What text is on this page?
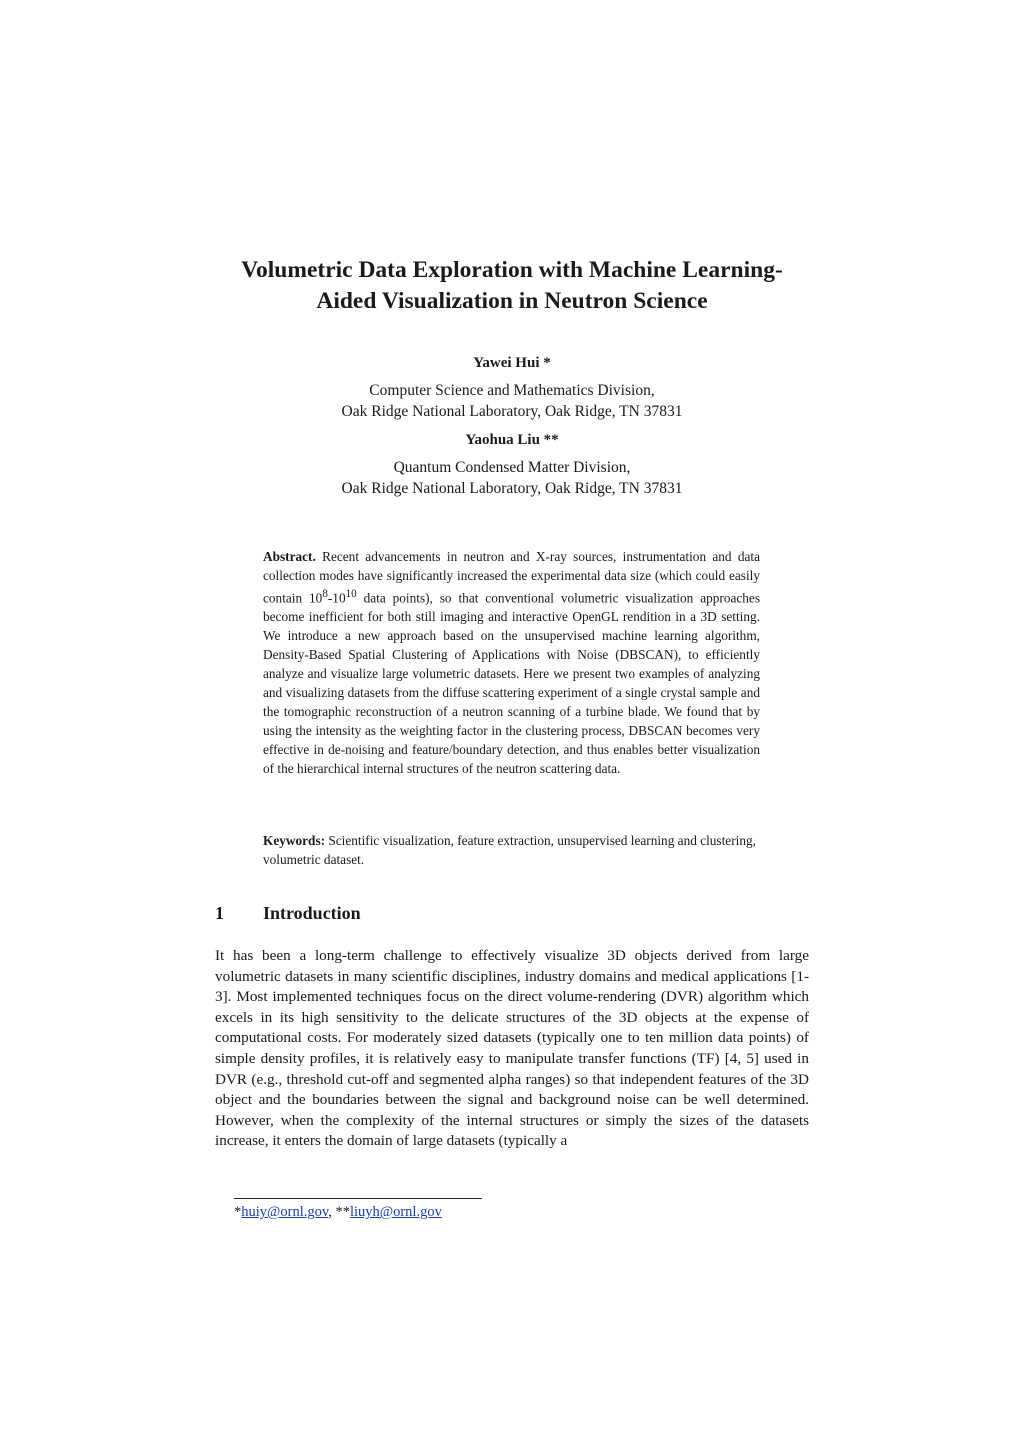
Volumetric Data Exploration with Machine Learning-
Aided Visualization in Neutron Science
Yawei Hui *
Computer Science and Mathematics Division,
Oak Ridge National Laboratory, Oak Ridge, TN 37831
Yaohua Liu **
Quantum Condensed Matter Division,
Oak Ridge National Laboratory, Oak Ridge, TN 37831
Abstract. Recent advancements in neutron and X-ray sources, instrumentation and data collection modes have significantly increased the experimental data size (which could easily contain $10^8-10^{10}$ data points), so that conventional volumetric visualization approaches become inefficient for both still imaging and interactive OpenGL rendition in a 3D setting. We introduce a new approach based on the unsupervised machine learning algorithm, Density-Based Spatial Clustering of Applications with Noise (DBSCAN), to efficiently analyze and visualize large volumetric datasets. Here we present two examples of analyzing and visualizing datasets from the diffuse scattering experiment of a single crystal sample and the tomographic reconstruction of a neutron scanning of a turbine blade. We found that by using the intensity as the weighting factor in the clustering process, DBSCAN becomes very effective in de-noising and feature/boundary detection, and thus enables better visualization of the hierarchical internal structures of the neutron scattering data.
Keywords: Scientific visualization, feature extraction, unsupervised learning and clustering, volumetric dataset.
1 Introduction
It has been a long-term challenge to effectively visualize 3D objects derived from large volumetric datasets in many scientific disciplines, industry domains and medical applications [1-3]. Most implemented techniques focus on the direct volume-rendering (DVR) algorithm which excels in its high sensitivity to the delicate structures of the 3D objects at the expense of computational costs. For moderately sized datasets (typically one to ten million data points) of simple density profiles, it is relatively easy to manipulate transfer functions (TF) [4, 5] used in DVR (e.g., threshold cut-off and segmented alpha ranges) so that independent features of the 3D object and the boundaries between the signal and background noise can be well determined. However, when the complexity of the internal structures or simply the sizes of the datasets increase, it enters the domain of large datasets (typically a
*huiy@ornl.gov, **liuyh@ornl.gov
